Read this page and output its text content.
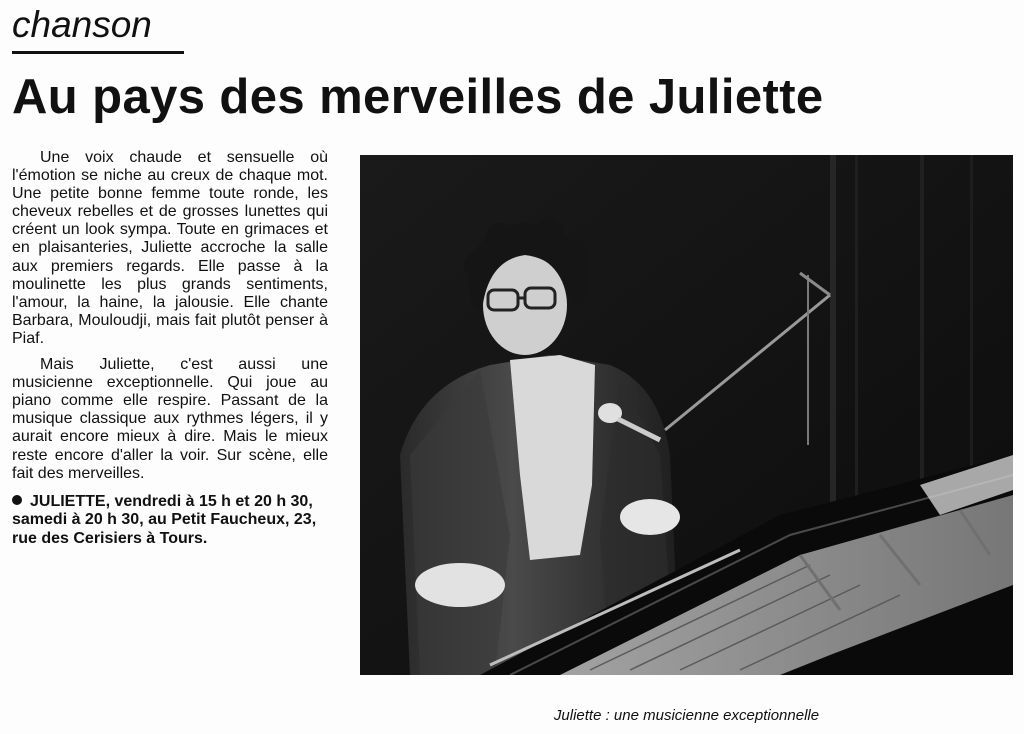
chanson
Au pays des merveilles de Juliette

Une voix chaude et sensuelle où l'émotion se niche au creux de chaque mot. Une petite bonne femme toute ronde, les cheveux rebelles et de grosses lunettes qui créent un look sympa. Toute en grimaces et en plaisanteries, Juliette accroche la salle aux premiers regards. Elle passe à la moulinette les plus grands sentiments, l'amour, la haine, la jalousie. Elle chante Barbara, Mouloudji, mais fait plutôt penser à Piaf.

Mais Juliette, c'est aussi une musicienne exceptionnelle. Qui joue au piano comme elle respire. Passant de la musique classique aux rythmes légers, il y aurait encore mieux à dire. Mais le mieux reste encore d'aller la voir. Sur scène, elle fait des merveilles.

JULIETTE, vendredi à 15 h et 20 h 30, samedi à 20 h 30, au Petit Faucheux, 23, rue des Cerisiers à Tours.

Juliette : une musicienne exceptionnelle
